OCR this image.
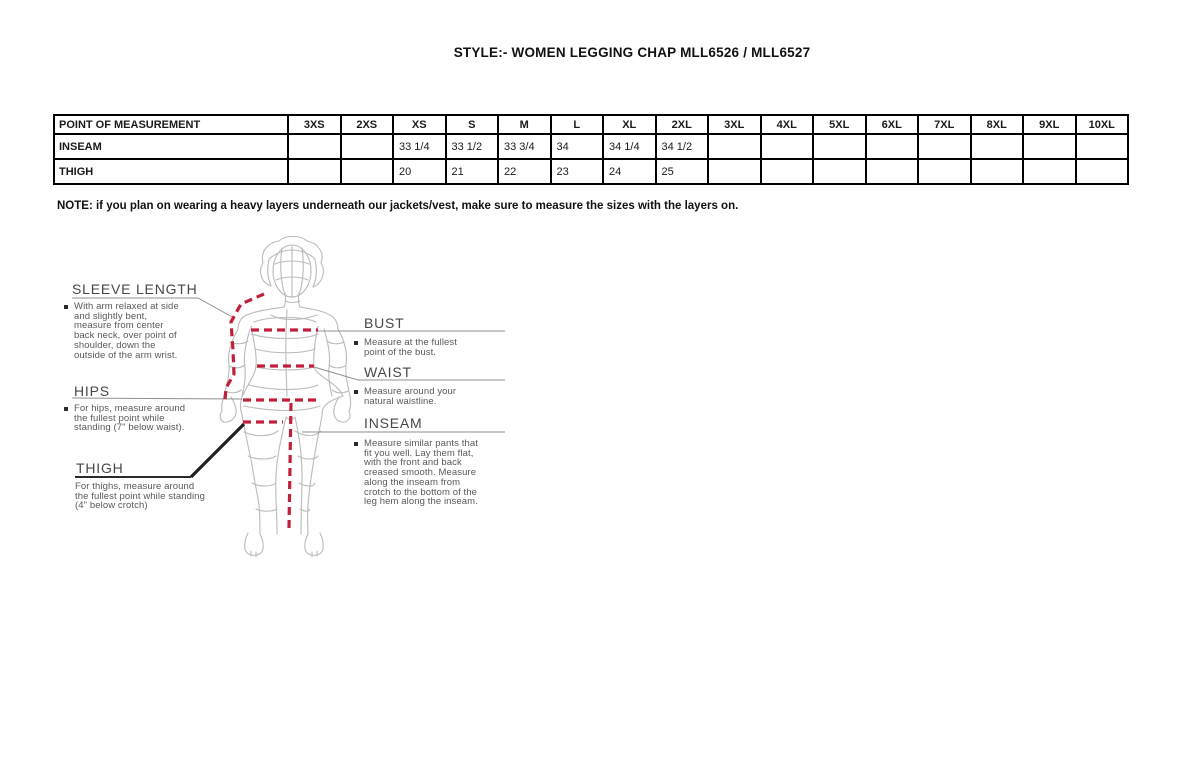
STYLE:- WOMEN LEGGING CHAP MLL6526 / MLL6527
POINT OF MEASUREMENT	3XS	2XS	XS	S	M	L	XL	2XL	3XL	4XL	5XL	6XL	7XL	8XL	9XL	10XL
INSEAM			33 1/4	33 1/2	33 3/4	34	34 1/4	34 1/2								
THIGH			20	21	22	23	24	25								
NOTE: if you plan on wearing a heavy layers underneath our jackets/vest, make sure to measure the sizes with the layers on.
SLEEVE LENGTH
With arm relaxed at side and slightly bent, measure from center back neck, over point of shoulder, down the outside of the arm wrist.
HIPS
For hips, measure around the fullest point while standing (7" below waist).
THIGH
For thighs, measure around the fullest point while standing (4" below crotch)
BUST
Measure at the fullest point of the bust.
WAIST
Measure around your natural waistline.
INSEAM
Measure similar pants that fit you well. Lay them flat, with the front and back creased smooth. Measure along the inseam from crotch to the bottom of the leg hem along the inseam.
